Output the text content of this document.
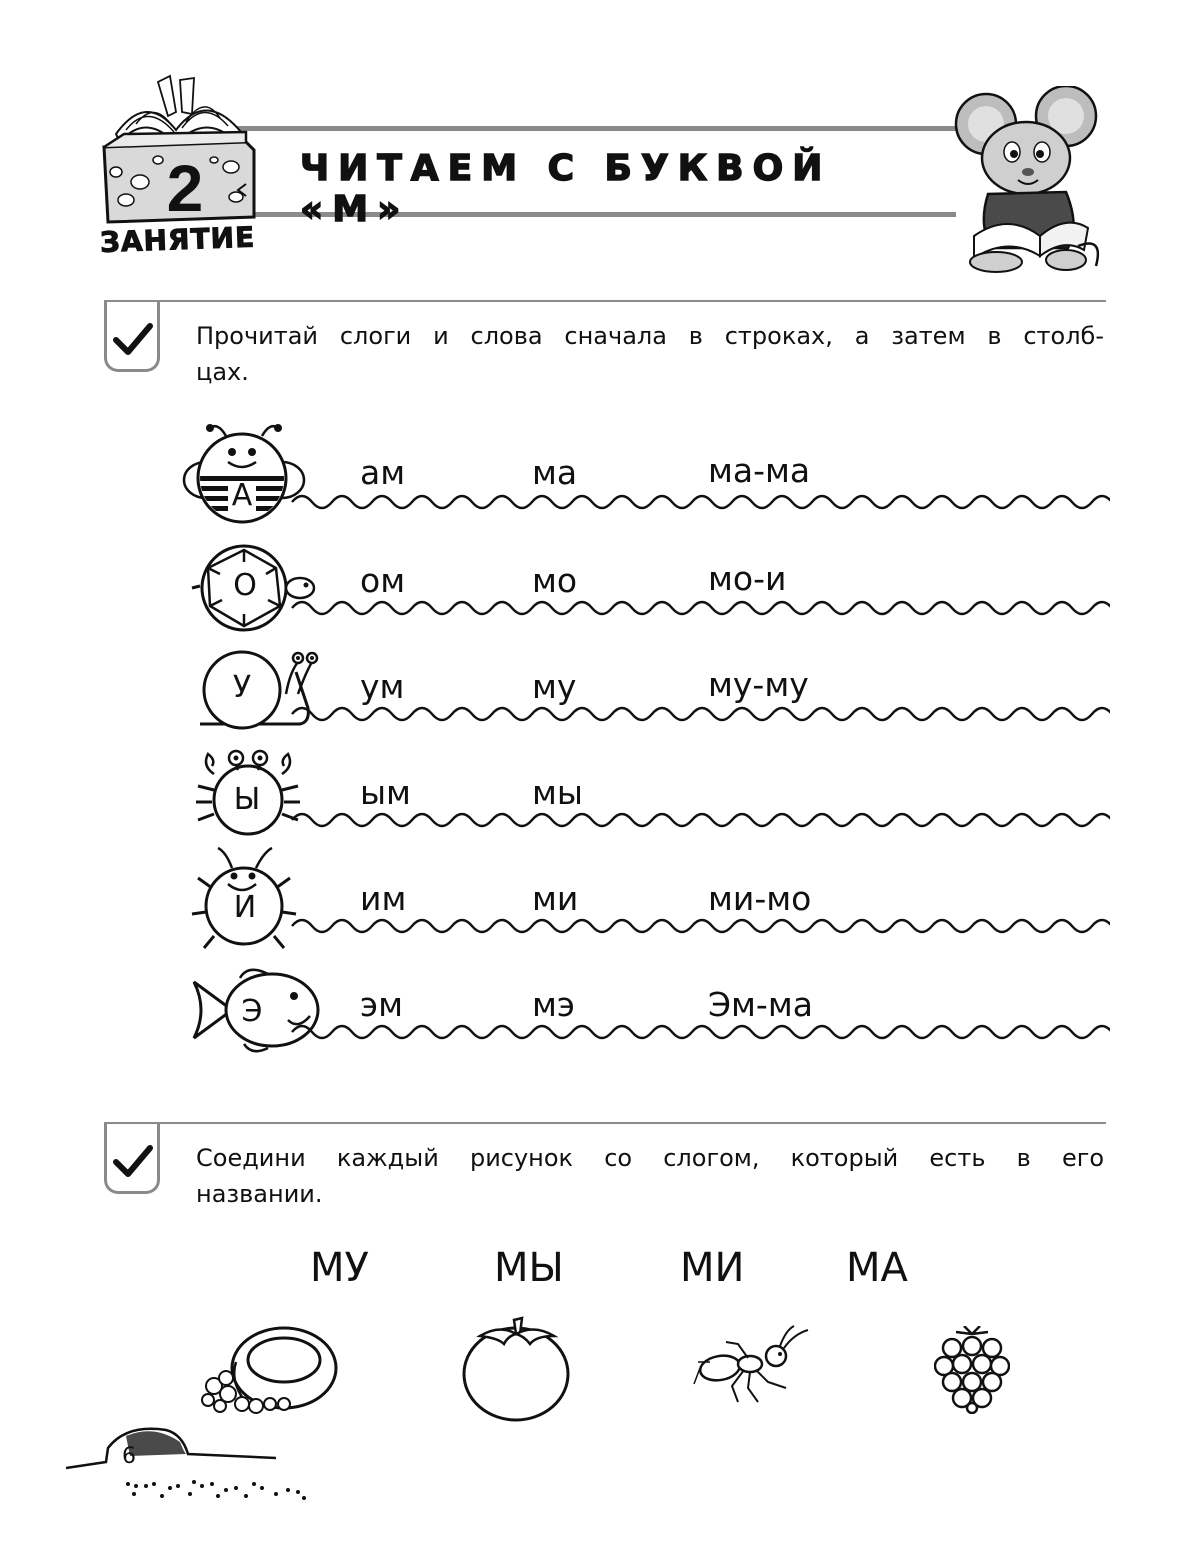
2
ЗАНЯТИЕ
ЧИТАЕМ С БУКВОЙ «М»
Прочитай слоги и слова сначала в строках, а затем в столб-
цах.
А
ам	ма	ма-ма
О	ом	мо	мо-и
У	ум	му	му-му
Ы	ым	мы
И	им	ми	ми-мо
Э	эм	мэ	Эм-ма
Соедини каждый рисунок со слогом, который есть в его
названии.
МУ	МЫ	МИ	МА
6
